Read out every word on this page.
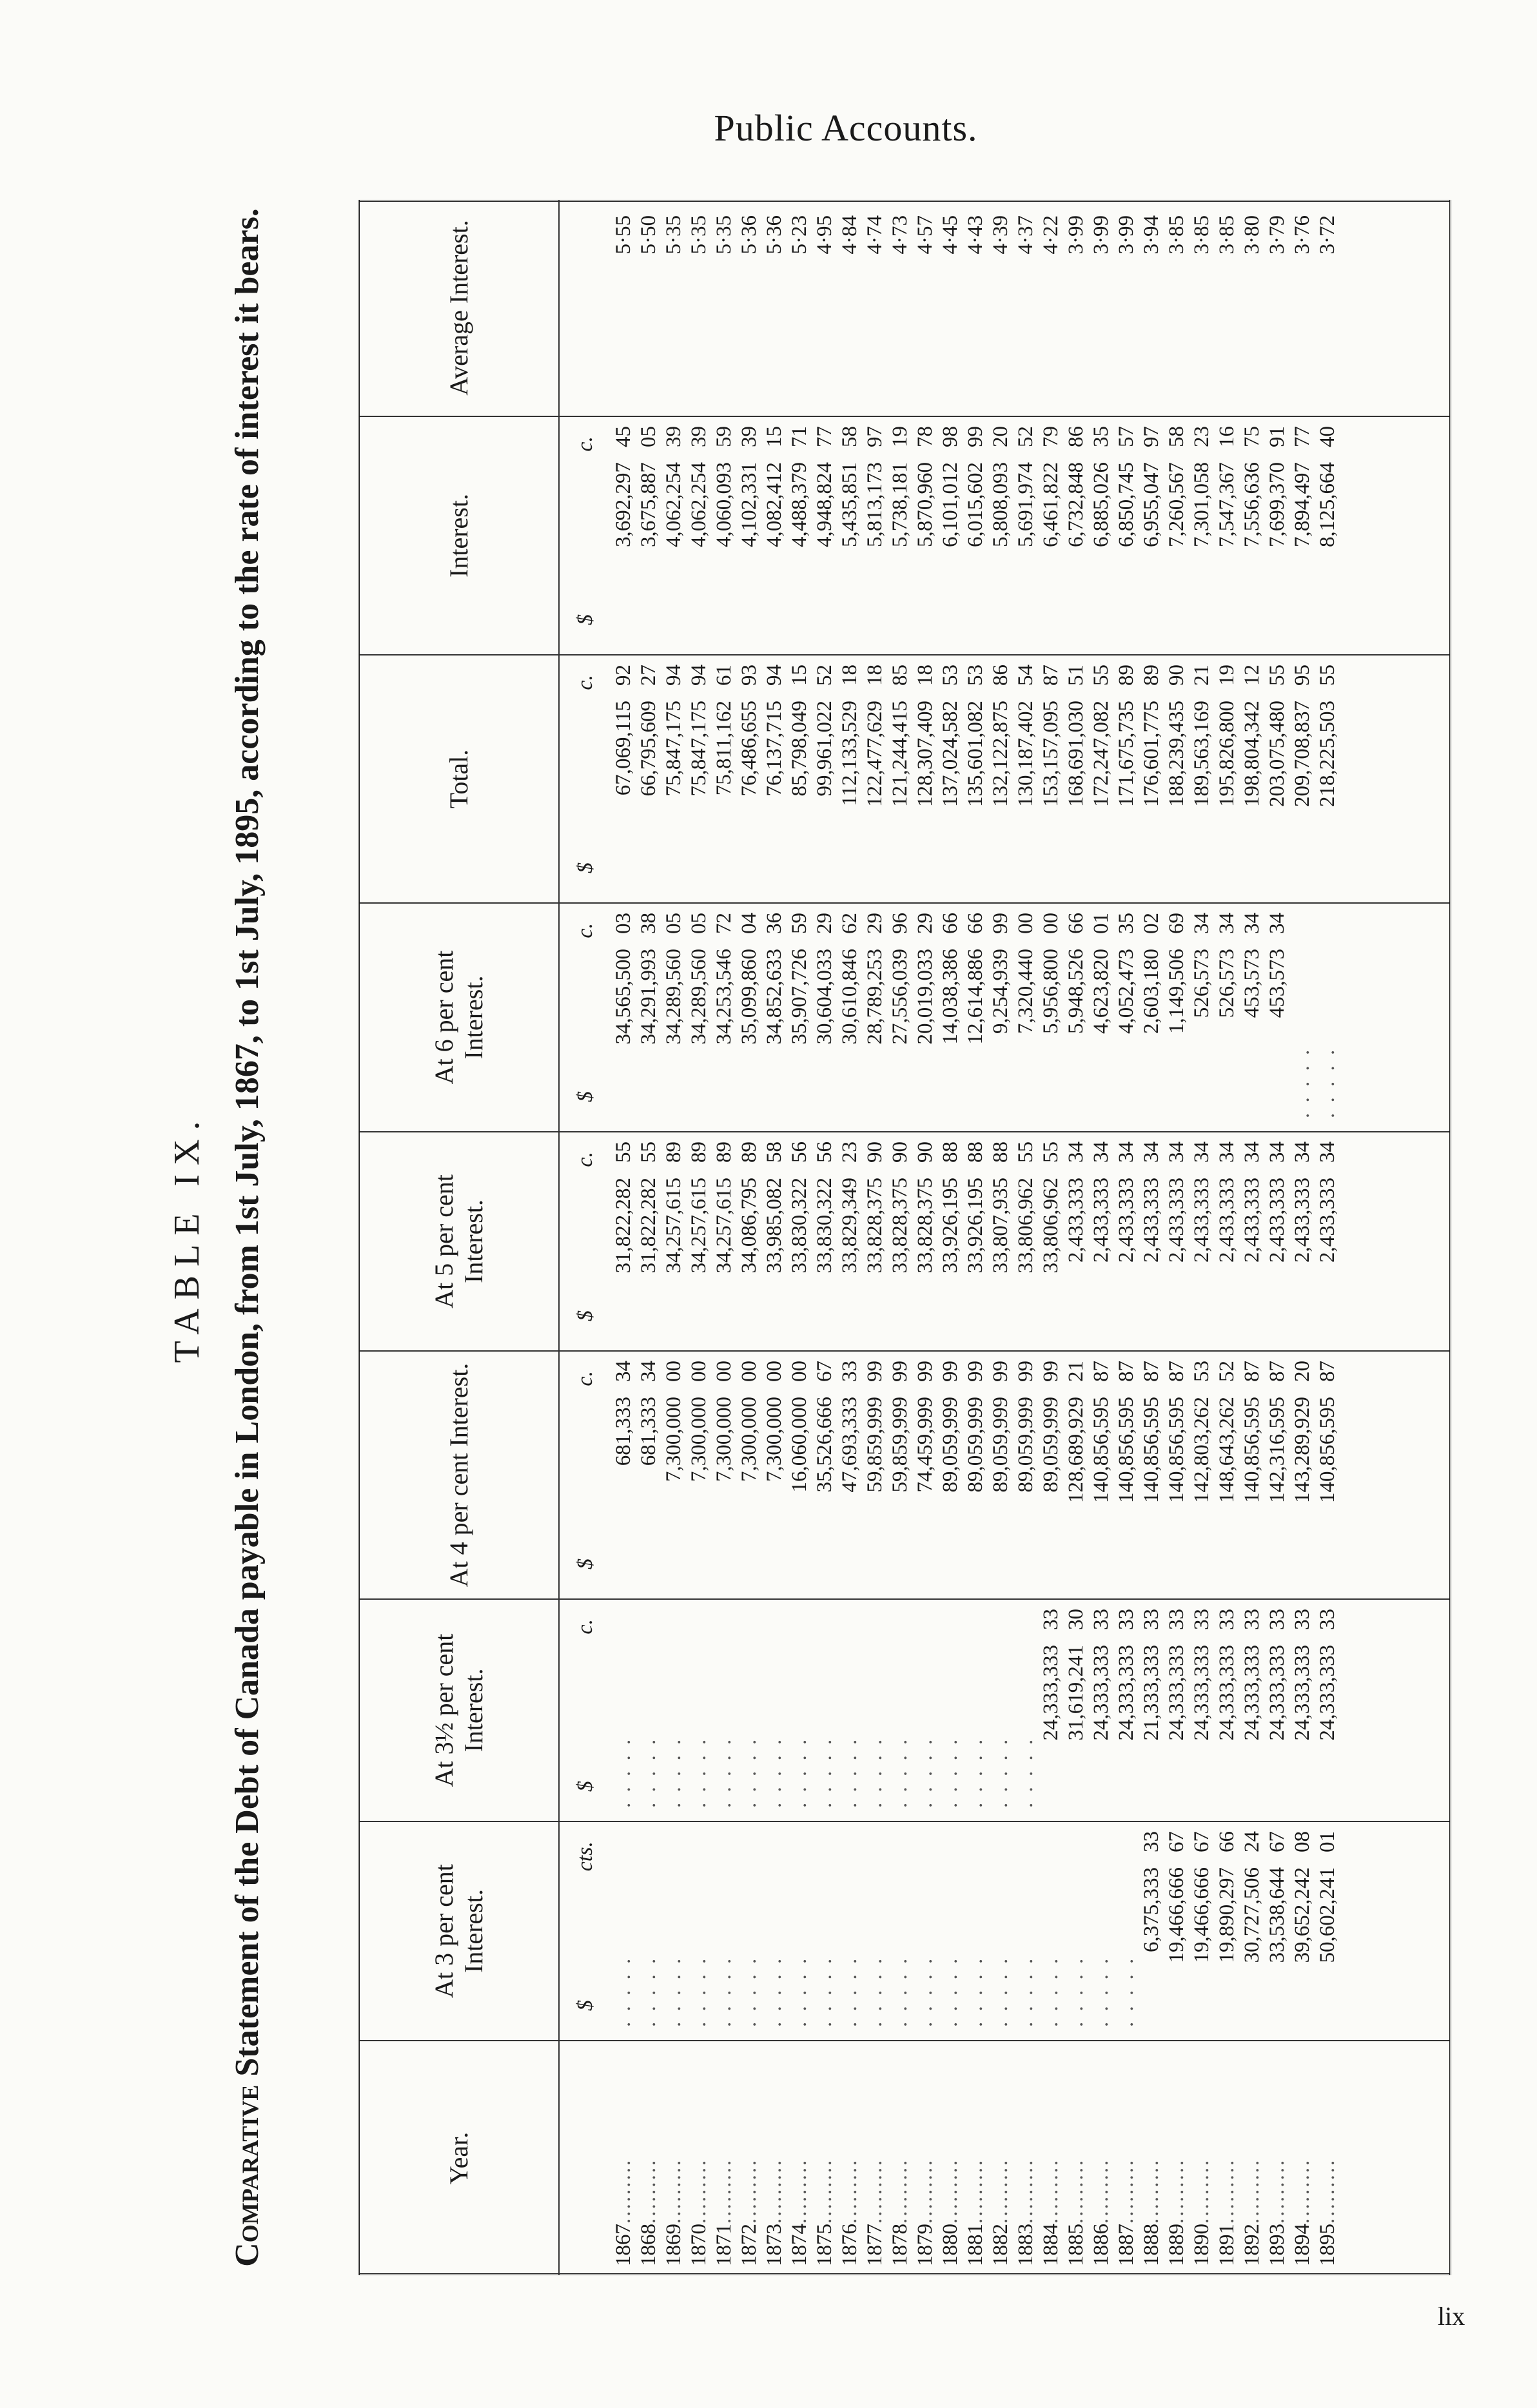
Public Accounts.
TABLE IX.
Comparative Statement of the Debt of Canada payable in London, from 1st July, 1867, to 1st July, 1895, according to the rate of interest it bears.
Year.
1867.........
1868.........
1869.........
1870.........
1871.........
1872.........
1873.........
1874.........
1875.........
1876.........
1877.........
1878.........
1879.........
1880.........
1881.........
1882.........
1883.........
1884.........
1885.........
1886.........
1887.........
1888.........
1889.........
1890.........
1891.........
1892.........
1893.........
1894.........
1895.........
At 3 per cent Interest.
$
cts.
. . . . . . . . . . . . . . . . . . . . . . . . . . . . . . . . . . . . . . . . . . . . . . . . . . . . . . . . . . . . . . . . . . . . . . . . . . . . . . . . . . . . . . . . . . . . . . . . . . . . . . . . .
6,375,333
33
19,466,666
67
19,466,666
67
19,890,297
66
30,727,506
24
33,538,644
67
39,652,242
08
50,602,241
01
At 3½ per cent Interest.
$
c.
. . . . . . . . . . . . . . . . . . . . . . . . . . . . . . . . . . . . . . . . . . . . . . . . . . . . . . . . . . . . . . . . . . . . . . . . . . . . . . . . . . . . .
24,333,333
33
31,619,241
30
24,333,333
33
24,333,333
33
21,333,333
33
24,333,333
33
24,333,333
33
24,333,333
33
24,333,333
33
24,333,333
33
24,333,333
33
24,333,333
33
At 4 per cent Interest.	$
c.
681,333
34
681,333
34
7,300,000
00
7,300,000
00
7,300,000
00
7,300,000
00
7,300,000
00
16,060,000
00
35,526,666
67
47,693,333
33
59,859,999
99
59,859,999
99
74,459,999
99
89,059,999
99
89,059,999
99
89,059,999
99
89,059,999
99
89,059,999
99
128,689,929
21
140,856,595
87
140,856,595
87
140,856,595
87
140,856,595
87
142,803,262
53
148,643,262
52
140,856,595
87
142,316,595
87
143,289,929
20
140,856,595
87
At 5 per cent Interest.
$
c.
31,822,282
55
31,822,282
55
34,257,615
89
34,257,615
89
34,257,615
89
34,086,795
89
33,985,082
58
33,830,322
56
33,830,322
56
33,829,349
23
33,828,375
90
33,828,375
90
33,828,375
90
33,926,195
88
33,926,195
88
33,807,935
88
33,806,962
55
33,806,962
55
2,433,333
34
2,433,333
34
2,433,333
34
2,433,333
34
2,433,333
34
2,433,333
34
2,433,333
34
2,433,333
34
2,433,333
34
2,433,333
34
2,433,333
34
At 6 per cent Interest.
$
c.
34,565,500
03
34,291,993
38
34,289,560
05
34,289,560
05
34,253,546
72
35,099,860
04
34,852,633
36
35,907,726
59
30,604,033
29
30,610,846
62
28,789,253
29
27,556,039
96
20,019,033
29
14,038,386
66
12,614,886
66
9,254,939
99
7,320,440
00
5,956,800
00
5,948,526
66
4,623,820
01
4,052,473
35
2,603,180
02
1,149,506
69
526,573
34
526,573
34
453,573
34
453,573
34
. . . . . . . . . .
Total.
$
c.
67,069,115
92
66,795,609
27
75,847,175
94
75,847,175
94
75,811,162
61
76,486,655
93
76,137,715
94
85,798,049
15
99,961,022
52
112,133,529
18
122,477,629
18
121,244,415
85
128,307,409
18
137,024,582
53
135,601,082
53
132,122,875
86
130,187,402
54
153,157,095
87
168,691,030
51
172,247,082
55
171,675,735
89
176,601,775
89
188,239,435
90
189,563,169
21
195,826,800
19
198,804,342
12
203,075,480
55
209,708,837
95
218,225,503
55
Interest.
$
c.
3,692,297
45
3,675,887
05
4,062,254
39
4,062,254
39
4,060,093
59
4,102,331
39
4,082,412
15
4,488,379
71
4,948,824
77
5,435,851
58
5,813,173
97
5,738,181
19
5,870,960
78
6,101,012
98
6,015,602
99
5,808,093
20
5,691,974
52
6,461,822
79
6,732,848
86
6,885,026
35
6,850,745
57
6,955,047
97
7,260,567
58
7,301,058
23
7,547,367
16
7,556,636
75
7,699,370
91
7,894,497
77
8,125,664
40
Average Interest.	5·55 5·50 5·35 5·35 5·35 5·36 5·36 5·23 4·95 4·84 4·74 4·73 4·57 4·45 4·43 4·39 4·37 4·22 3·99 3·99 3·99 3·94 3·85 3·85 3·85 3·80 3·79 3·76 3·72
lix
